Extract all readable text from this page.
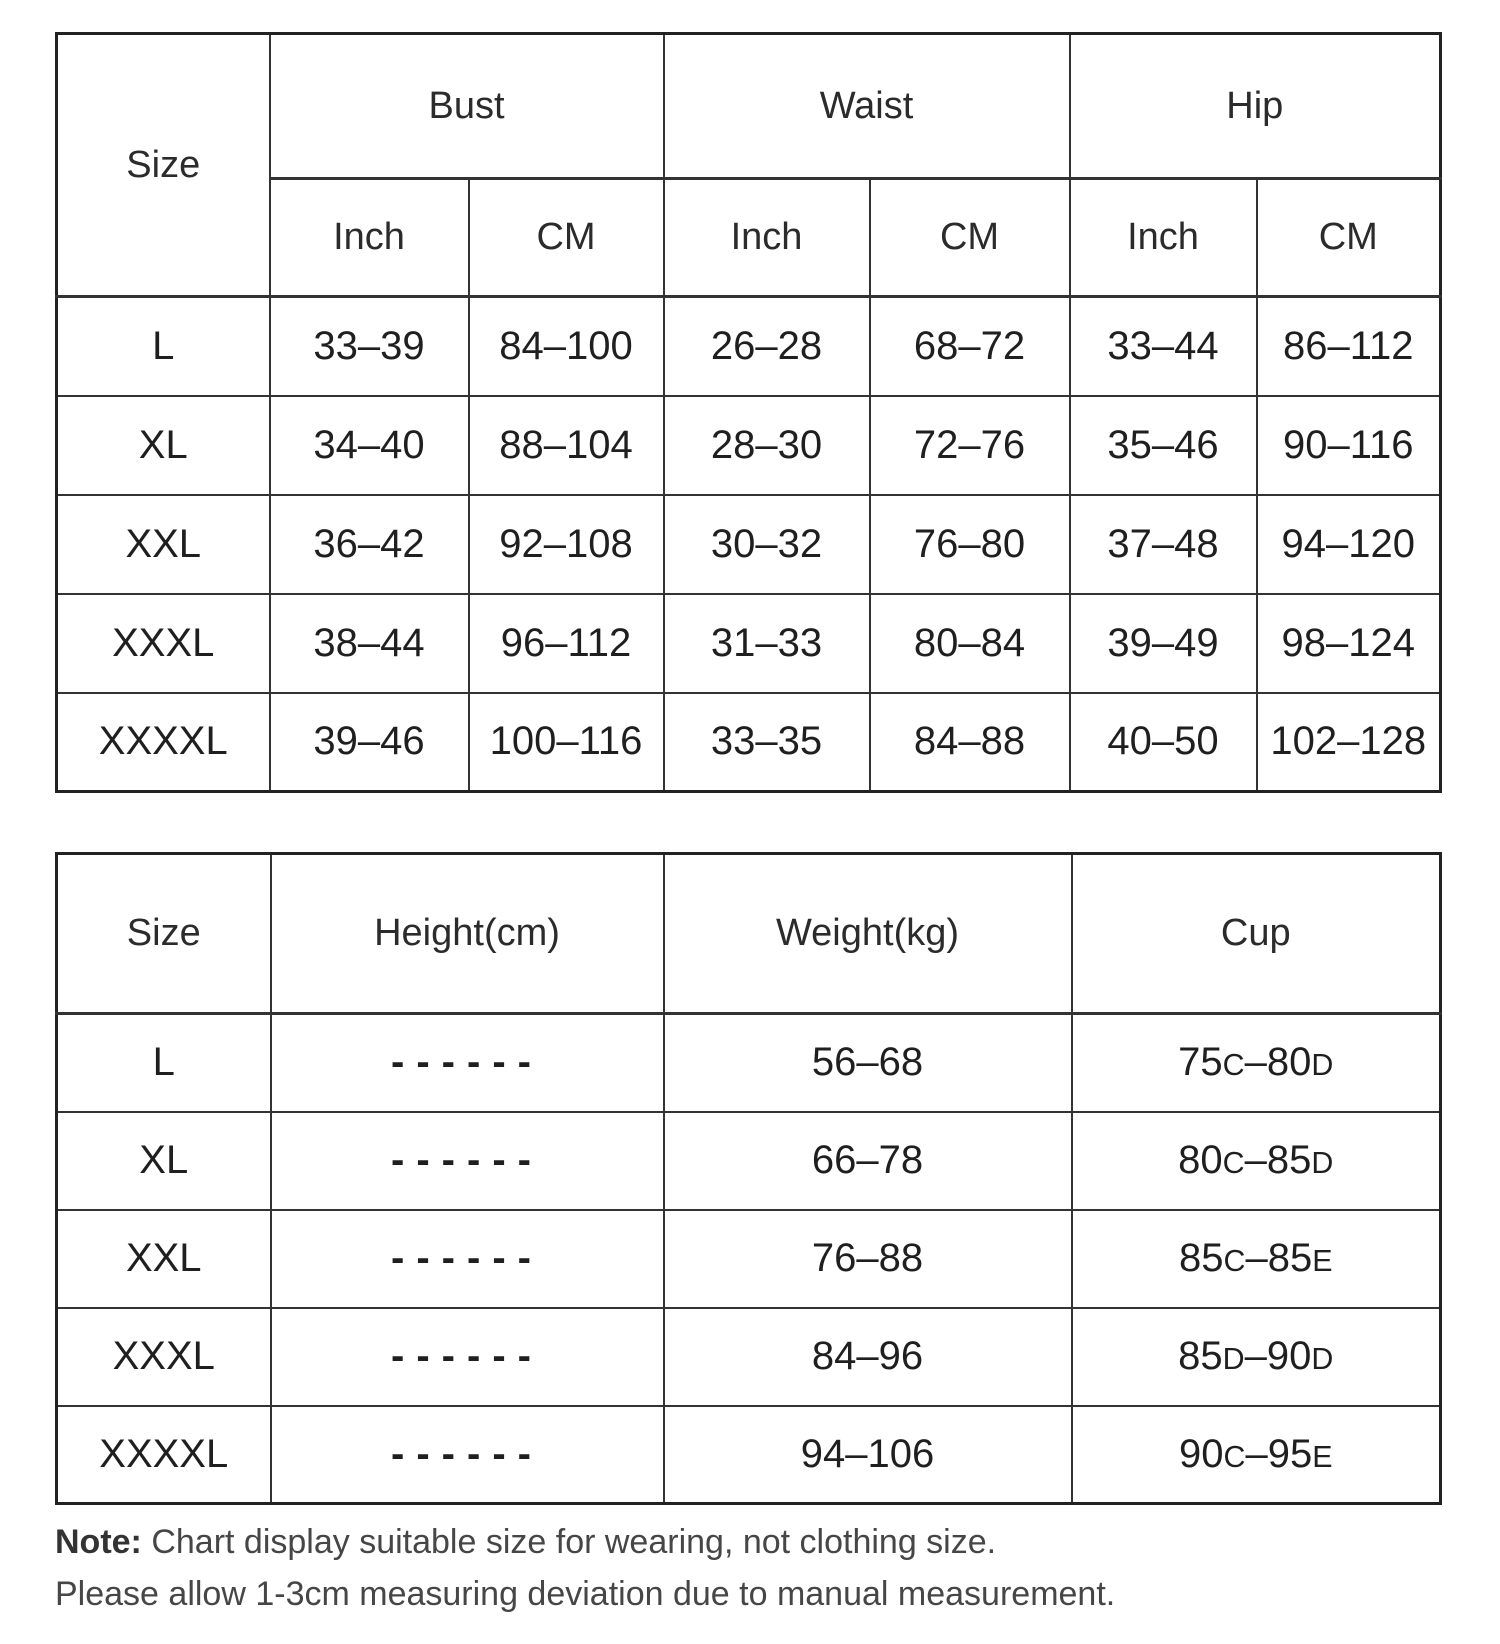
Size	Bust		Waist		Hip	
	Inch	CM	Inch	CM	Inch	CM
L	33–39	84–100	26–28	68–72	33–44	86–112
XL	34–40	88–104	28–30	72–76	35–46	90–116
XXL	36–42	92–108	30–32	76–80	37–48	94–120
XXXL	38–44	96–112	31–33	80–84	39–49	98–124
XXXXL	39–46	100–116	33–35	84–88	40–50	102–128
Size	Height(cm)	Weight(kg)	Cup
L	------	56–68	75C–80D
XL	------	66–78	80C–85D
XXL	------	76–88	85C–85E
XXXL	------	84–96	85D–90D
XXXXL	------	94–106	90C–95E

Note: Chart display suitable size for wearing, not clothing size.

Please allow 1-3cm measuring deviation due to manual measurement.
